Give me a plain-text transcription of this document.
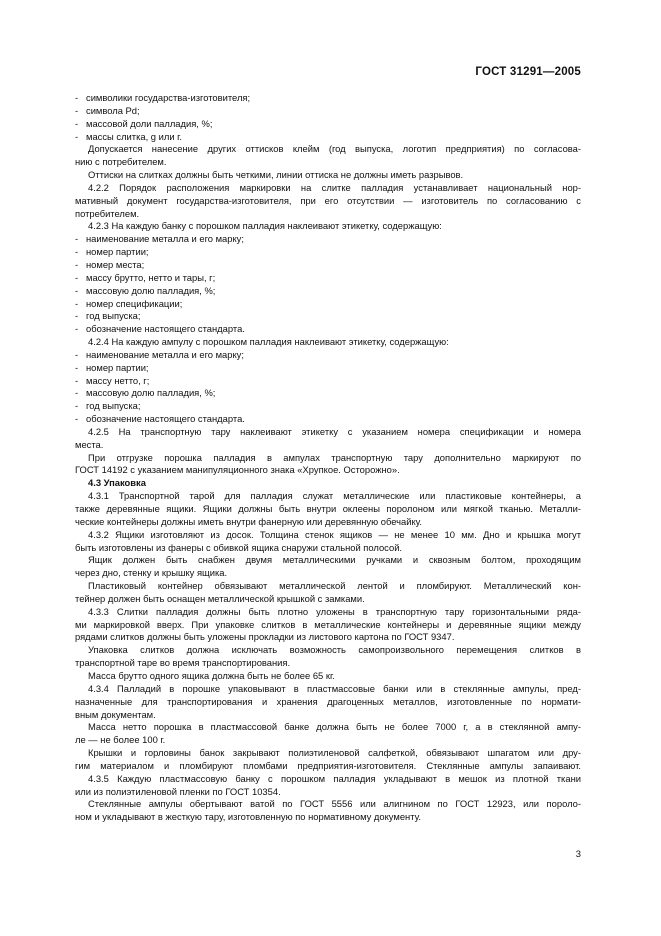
ГОСТ 31291—2005
- символики государства-изготовителя;
- символа Pd;
- массовой доли палладия, %;
- массы слитка, g или г.
Допускается нанесение других оттисков клейм (год выпуска, логотип предприятия) по согласова-
нию с потребителем.
Оттиски на слитках должны быть четкими, линии оттиска не должны иметь разрывов.
4.2.2 Порядок расположения маркировки на слитке палладия устанавливает национальный нор-
мативный документ государства-изготовителя, при его отсутствии — изготовитель по согласованию с
потребителем.
4.2.3 На каждую банку с порошком палладия наклеивают этикетку, содержащую:
- наименование металла и его марку;
- номер партии;
- номер места;
- массу брутто, нетто и тары, г;
- массовую долю палладия, %;
- номер спецификации;
- год выпуска;
- обозначение настоящего стандарта.
4.2.4 На каждую ампулу с порошком палладия наклеивают этикетку, содержащую:
- наименование металла и его марку;
- номер партии;
- массу нетто, г;
- массовую долю палладия, %;
- год выпуска;
- обозначение настоящего стандарта.
4.2.5 На транспортную тару наклеивают этикетку с указанием номера спецификации и номера
места.
При отгрузке порошка палладия в ампулах транспортную тару дополнительно маркируют по
ГОСТ 14192 с указанием манипуляционного знака «Хрупкое. Осторожно».
4.3 Упаковка
4.3.1 Транспортной тарой для палладия служат металлические или пластиковые контейнеры, а
также деревянные ящики. Ящики должны быть внутри оклеены поролоном или мягкой тканью. Металли-
ческие контейнеры должны иметь внутри фанерную или деревянную обечайку.
4.3.2 Ящики изготовляют из досок. Толщина стенок ящиков — не менее 10 мм. Дно и крышка могут
быть изготовлены из фанеры с обивкой ящика снаружи стальной полосой.
Ящик должен быть снабжен двумя металлическими ручками и сквозным болтом, проходящим
через дно, стенку и крышку ящика.
Пластиковый контейнер обвязывают металлической лентой и пломбируют. Металлический кон-
тейнер должен быть оснащен металлической крышкой с замками.
4.3.3 Слитки палладия должны быть плотно уложены в транспортную тару горизонтальными ряда-
ми маркировкой вверх. При упаковке слитков в металлические контейнеры и деревянные ящики между
рядами слитков должны быть уложены прокладки из листового картона по ГОСТ 9347.
Упаковка слитков должна исключать возможность самопроизвольного перемещения слитков в
транспортной таре во время транспортирования.
Масса брутто одного ящика должна быть не более 65 кг.
4.3.4 Палладий в порошке упаковывают в пластмассовые банки или в стеклянные ампулы, пред-
назначенные для транспортирования и хранения драгоценных металлов, изготовленные по нормати-
вным документам.
Масса нетто порошка в пластмассовой банке должна быть не более 7000 г, а в стеклянной ампу-
ле — не более 100 г.
Крышки и горловины банок закрывают полиэтиленовой салфеткой, обвязывают шпагатом или дру-
гим материалом и пломбируют пломбами предприятия-изготовителя. Стеклянные ампулы запаивают.
4.3.5 Каждую пластмассовую банку с порошком палладия укладывают в мешок из плотной ткани
или из полиэтиленовой пленки по ГОСТ 10354.
Стеклянные ампулы обертывают ватой по ГОСТ 5556 или алигнином по ГОСТ 12923, или пороло-
ном и укладывают в жесткую тару, изготовленную по нормативному документу.
3
